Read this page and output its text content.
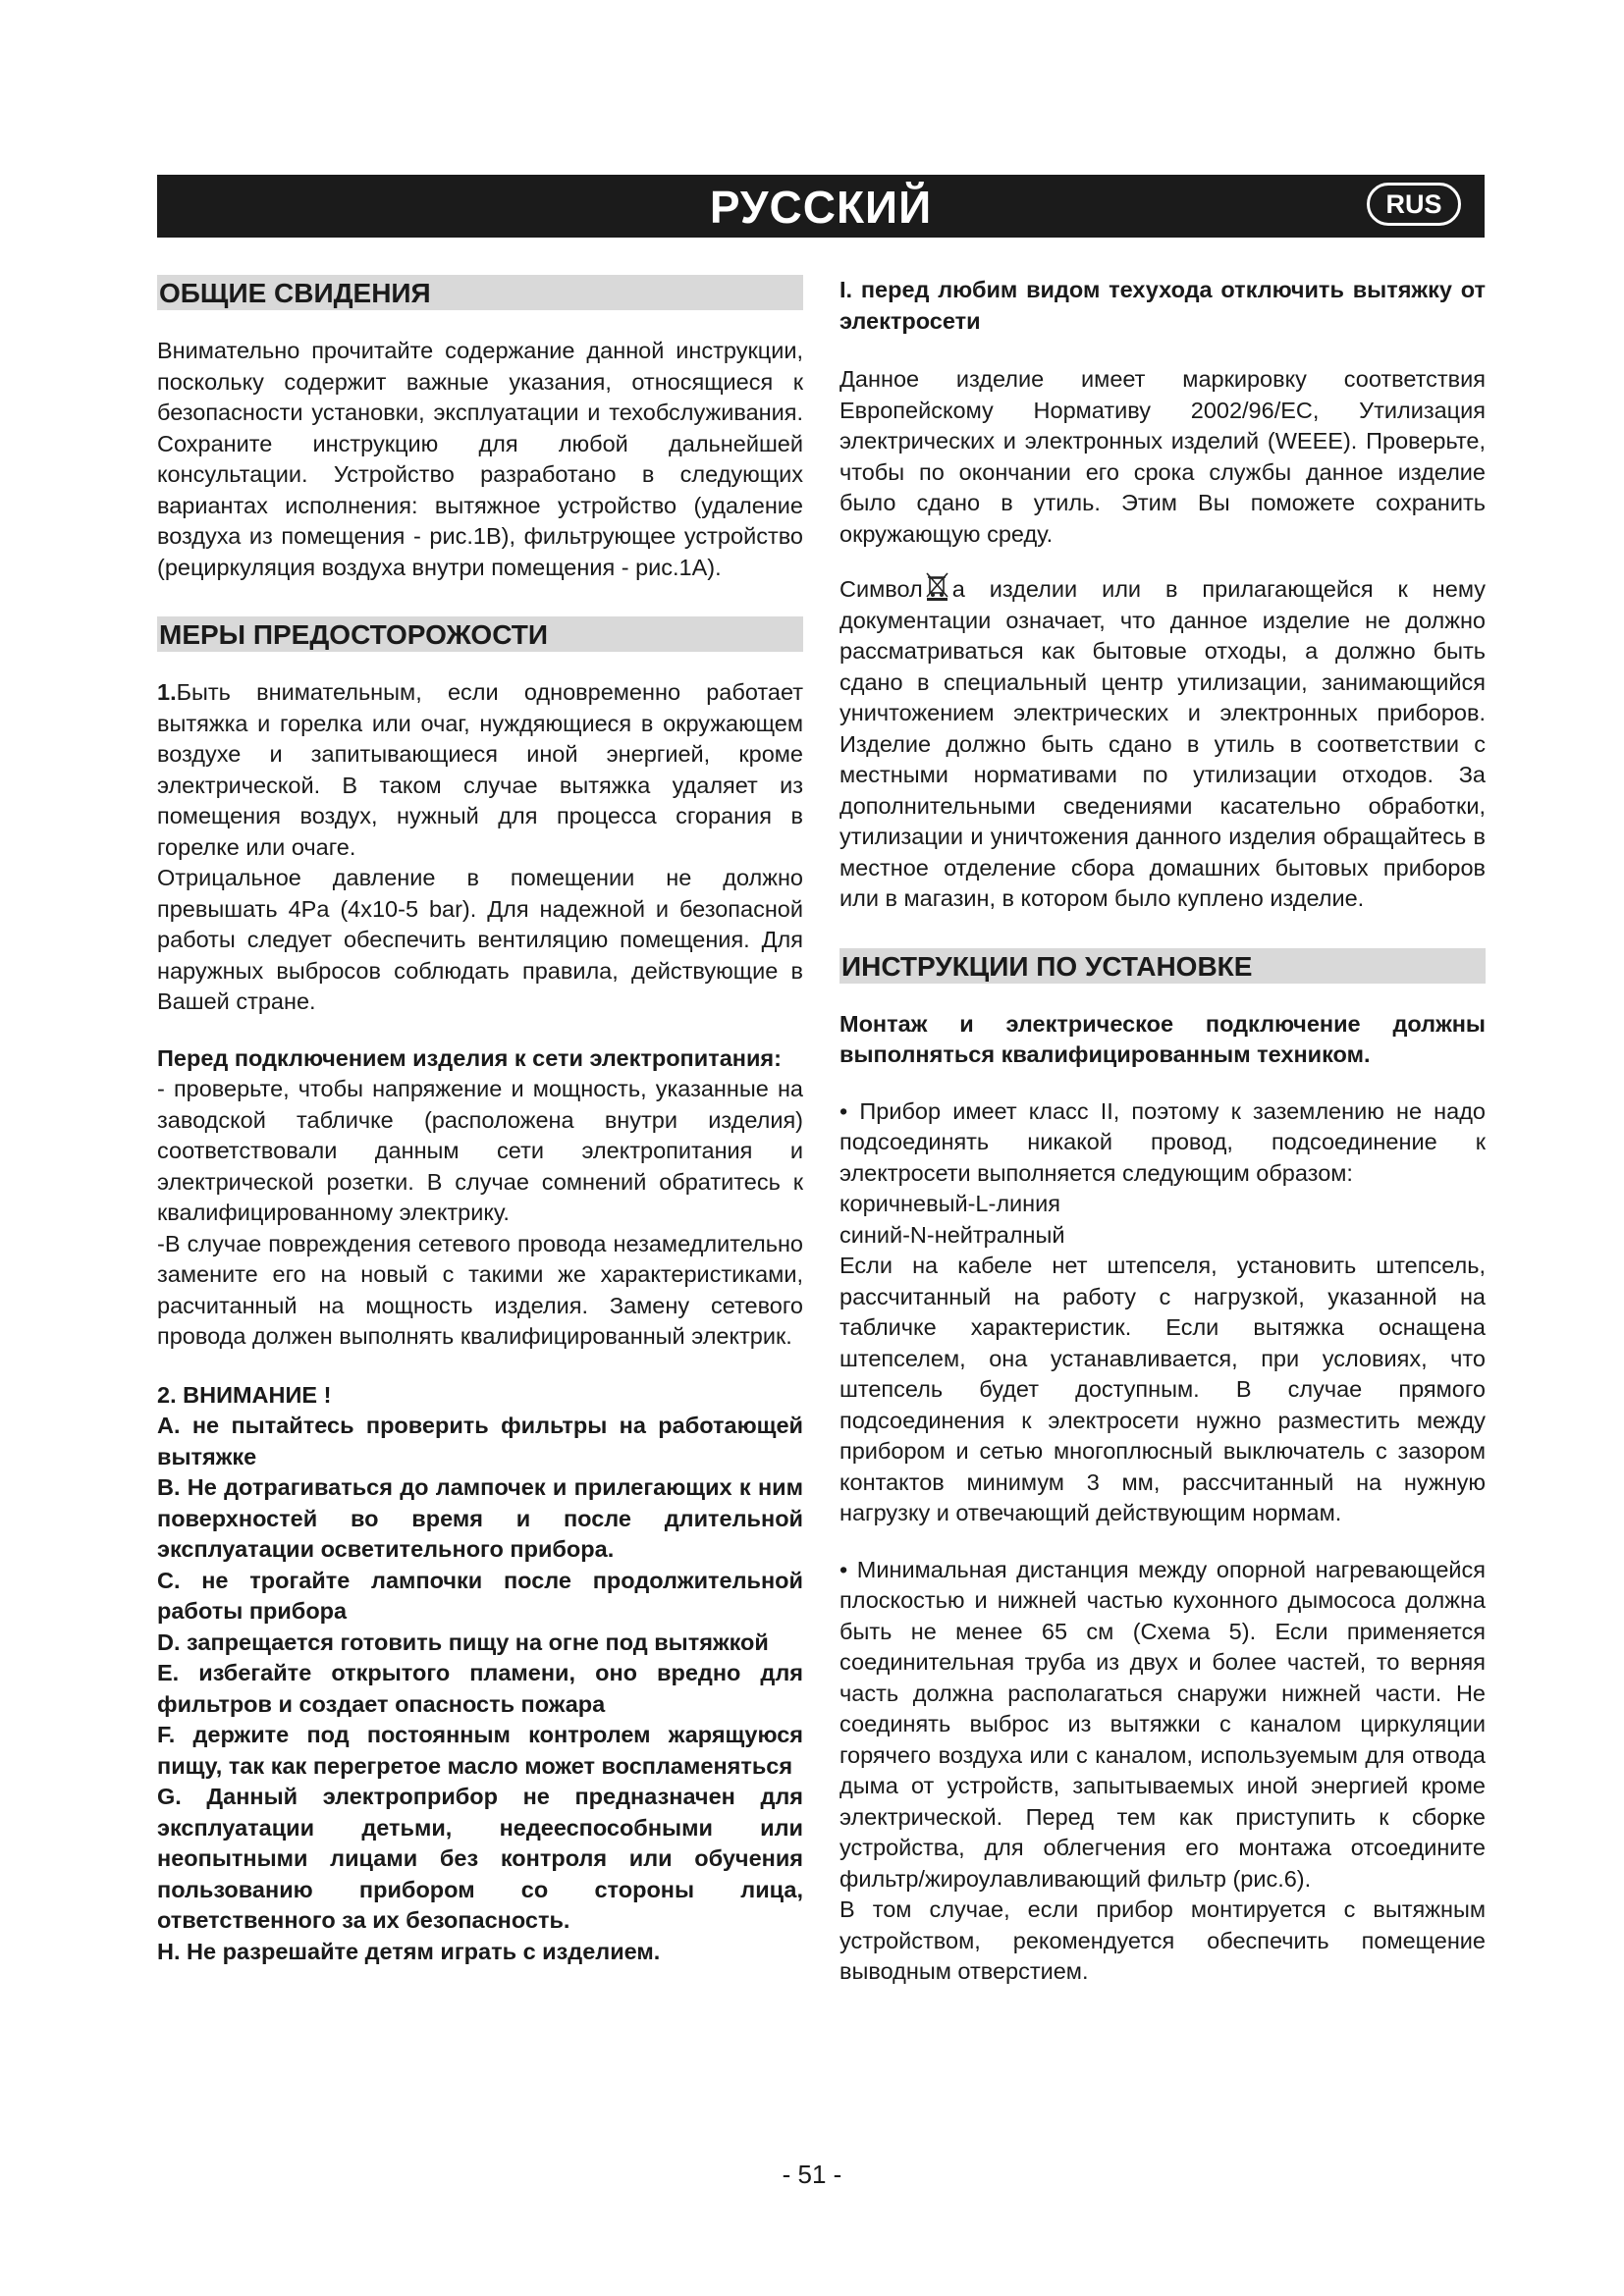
РУССКИЙ	RUS
ОБЩИЕ СВИДЕНИЯ

Внимательно прочитайте содержание данной инструкции, поскольку содержит важные указания, относящиеся к безопасности установки, эксплуатации и техобслуживания. Сохраните инструкцию для любой дальнейшей консультации. Устройство разработано в следующих вариантах исполнения: вытяжное устройство (удаление воздуха из помещения - рис.1B), фильтрующее устройство (рециркуляция воздуха внутри помещения - рис.1A).

МЕРЫ ПРЕДОСТОРОЖОСТИ

1.Быть внимательным, если одновременно работает вытяжка и горелка или очаг, нуждяющиеся в окружающем воздухе и запитывающиеся иной энергией, кроме электрической. В таком случае вытяжка удаляет из помещения воздух, нужный для процесса сгорания в горелке или очаге.

Отрицальное давление в помещении не должно превышать 4Pa (4x10-5 bar). Для надежной и безопасной работы следует обеспечить вентиляцию помещения. Для наружных выбросов соблюдать правила, действующие в Вашей стране.

Перед подключением изделия к сети электропитания:

- проверьте, чтобы напряжение и мощность, указанные на заводской табличке (расположена внутри изделия) соответствовали данным сети электропитания и электрической розетки. В случае сомнений обратитесь к квалифицированному электрику.

-В случае повреждения сетевого провода незамедлительно замените его на новый с такими же характеристиками, расчитанный на мощность изделия. Замену сетевого провода должен выполнять квалифицированный электрик.

2. ВНИМАНИЕ !

A. не пытайтесь проверить фильтры на работающей вытяжке

B. Не дотрагиваться до лампочек и прилегающих к ним поверхностей во время и после длительной эксплуатации осветительного прибора.

C. не трогайте лампочки после продолжительной работы прибора

D. запрещается готовить пищу на огне под вытяжкой

E. избегайте открытого пламени, оно вредно для фильтров и создает опасность пожара

F. держите под постоянным контролем жарящуюся пищу, так как перегретое масло может воспламеняться

G. Данный электроприбор не предназначен для эксплуатации детьми, недееспособными или неопытными лицами без контроля или обучения пользованию прибором со стороны лица, ответственного за их безопасность.

H. Не разрешайте детям играть с изделием.

I. перед любим видом техухода отключить вытяжку от электросети

Данное изделие имеет маркировку соответствия Европейскому Нормативу 2002/96/EC, Утилизация электрических и электронных изделий (WEEE). Проверьте, чтобы по окончании его срока службы данное изделие было сдано в утиль. Этим Вы поможете сохранить окружающую среду.

Символ а изделии или в прилагающейся к нему документации означает, что данное изделие не должно рассматриваться как бытовые отходы, а должно быть сдано в специальный центр утилизации, занимающийся уничтожением электрических и электронных приборов. Изделие должно быть сдано в утиль в соответствии с местными нормативами по утилизации отходов. За дополнительными сведениями касательно обработки, утилизации и уничтожения данного изделия обращайтесь в местное отделение сбора домашних бытовых приборов или в магазин, в котором было куплено изделие.

ИНСТРУКЦИИ ПО УСТАНОВКЕ

Монтаж и электрическое подключение должны выполняться квалифицированным техником.

• Прибор имеет класс II, поэтому к заземлению не надо подсоединять никакой провод, подсоединение к электросети выполняется следующим образом:

коричневый-L-линия

синий-N-нейтралный

Если на кабеле нет штепселя, установить штепсель, рассчитанный на работу с нагрузкой, указанной на табличке характеристик. Если вытяжка оснащена штепселем, она устанавливается, при условиях, что штепсель будет доступным. В случае прямого подсоединения к электросети нужно разместить между прибором и сетью многоплюсный выключатель с зазором контактов минимум 3 мм, рассчитанный на нужную нагрузку и отвечающий действующим нормам.

• Минимальная дистанция между опорной нагревающейся плоскостью и нижней частью кухонного дымососа должна быть не менее 65 см (Схема 5). Если применяется соединительная труба из двух и более частей, то верняя часть должна располагаться снаружи нижней части. Не соединять выброс из вытяжки с каналом циркуляции горячего воздуха или с каналом, используемым для отвода дыма от устройств, запытываемых иной энергией кроме электрической. Перед тем как приступить к сборке устройства, для облегчения его монтажа отсоедините фильтр/жироулавливающий фильтр (рис.6).

В том случае, если прибор монтируется с вытяжным устройством, рекомендуется обеспечить помещение выводным отверстием.

- 51 -
